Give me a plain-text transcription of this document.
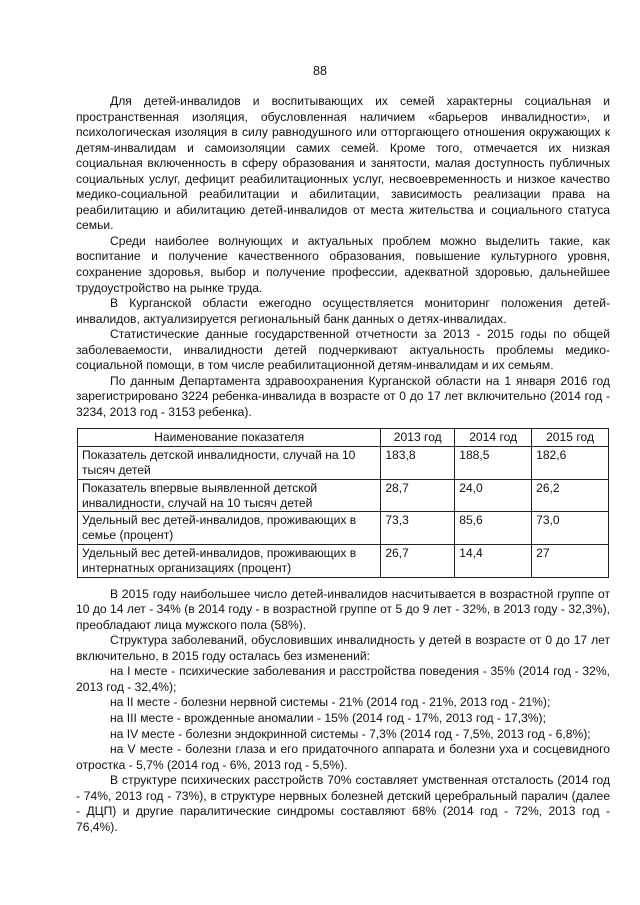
88

Для детей-инвалидов и воспитывающих их семей характерны социальная и пространственная изоляция, обусловленная наличием «барьеров инвалидности», и психологическая изоляция в силу равнодушного или отторгающего отношения окружающих к детям-инвалидам и самоизоляции самих семей. Кроме того, отмечается их низкая социальная включенность в сферу образования и занятости, малая доступность публичных социальных услуг, дефицит реабилитационных услуг, несвоевременность и низкое качество медико-социальной реабилитации и абилитации, зависимость реализации права на реабилитацию и абилитацию детей-инвалидов от места жительства и социального статуса семьи.

Среди наиболее волнующих и актуальных проблем можно выделить такие, как воспитание и получение качественного образования, повышение культурного уровня, сохранение здоровья, выбор и получение профессии, адекватной здоровью, дальнейшее трудоустройство на рынке труда.

В Курганской области ежегодно осуществляется мониторинг положения детей-инвалидов, актуализируется региональный банк данных о детях-инвалидах.

Статистические данные государственной отчетности за 2013 - 2015 годы по общей заболеваемости, инвалидности детей подчеркивают актуальность проблемы медико-социальной помощи, в том числе реабилитационной детям-инвалидам и их семьям.

По данным Департамента здравоохранения Курганской области на 1 января 2016 год зарегистрировано 3224 ребенка-инвалида в возрасте от 0 до 17 лет включительно (2014 год - 3234, 2013 год - 3153 ребенка).

Наименование показателя	2013 год	2014 год	2015 год
Показатель детской инвалидности, случай на 10 тысяч детей	183,8	188,5	182,6
Показатель впервые выявленной детской инвалидности, случай на 10 тысяч детей	28,7	24,0	26,2
Удельный вес детей-инвалидов, проживающих в семье (процент)	73,3	85,6	73,0
Удельный вес детей-инвалидов, проживающих в интернатных организациях (процент)	26,7	14,4	27

В 2015 году наибольшее число детей-инвалидов насчитывается в возрастной группе от 10 до 14 лет - 34% (в 2014 году - в возрастной группе от 5 до 9 лет - 32%, в 2013 году - 32,3%), преобладают лица мужского пола (58%).

Структура заболеваний, обусловивших инвалидность у детей в возрасте от 0 до 17 лет включительно, в 2015 году осталась без изменений:

на I месте - психические заболевания и расстройства поведения - 35% (2014 год - 32%, 2013 год - 32,4%);

на II месте - болезни нервной системы - 21% (2014 год - 21%, 2013 год - 21%);

на III месте - врожденные аномалии - 15% (2014 год - 17%, 2013 год - 17,3%);

на IV месте - болезни эндокринной системы - 7,3% (2014 год - 7,5%, 2013 год - 6,8%);

на V месте - болезни глаза и его придаточного аппарата и болезни уха и сосцевидного отростка - 5,7% (2014 год - 6%, 2013 год - 5,5%).

В структуре психических расстройств 70% составляет умственная отсталость (2014 год - 74%, 2013 год - 73%), в структуре нервных болезней детский церебральный паралич (далее - ДЦП) и другие паралитические синдромы составляют 68% (2014 год - 72%, 2013 год - 76,4%).
